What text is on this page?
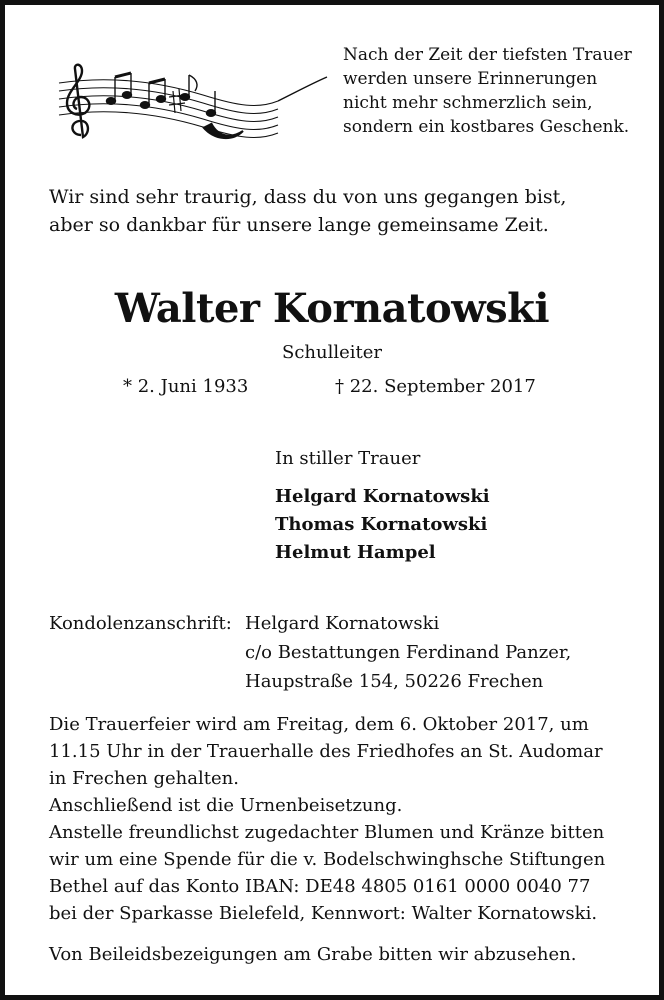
Nach der Zeit der tiefsten Trauer
werden unsere Erinnerungen
nicht mehr schmerzlich sein,
sondern ein kostbares Geschenk.
Wir sind sehr traurig, dass du von uns gegangen bist,
aber so dankbar für unsere lange gemeinsame Zeit.
Walter Kornatowski
Schulleiter
* 2. Juni 1933	† 22. September 2017
In stiller Trauer
Helgard Kornatowski
Thomas Kornatowski
Helmut Hampel
Kondolenzanschrift: Helgard Kornatowski
c/o Bestattungen Ferdinand Panzer,
Haupstraße 154, 50226 Frechen
Die Trauerfeier wird am Freitag, dem 6. Oktober 2017, um
11.15 Uhr in der Trauerhalle des Friedhofes an St. Audomar
in Frechen gehalten.
Anschließend ist die Urnenbeisetzung.
Anstelle freundlichst zugedachter Blumen und Kränze bitten
wir um eine Spende für die v. Bodelschwinghsche Stiftungen
Bethel auf das Konto IBAN: DE48 4805 0161 0000 0040 77
bei der Sparkasse Bielefeld, Kennwort: Walter Kornatowski.
Von Beileidsbezeigungen am Grabe bitten wir abzusehen.
